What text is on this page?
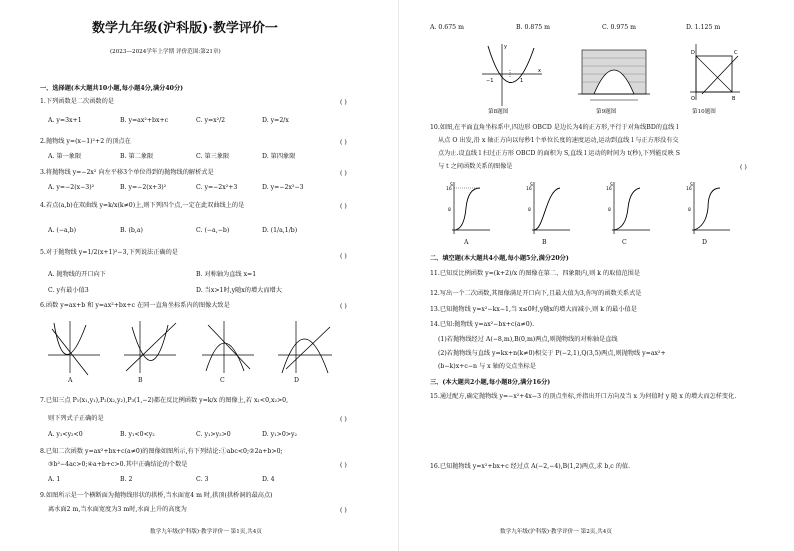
数学九年级(沪科版)·教学评价一
(2023—2024学年上学期 评价范围:第21章)
一、选择题(本大题共10小题,每小题4分,满分40分)
1.下列函数是二次函数的是	( )
A. y=3x+1	B. y=ax²+bx+c	C. y=x²/2	D. y=2/x
2.抛物线 y=(x−1)²+2 的顶点在	( )
A. 第一象限	B. 第二象限	C. 第三象限	D. 第四象限
3.将抛物线 y=−2x² 向左平移3个单位得到的抛物线的解析式是	( )
A. y=−2(x−3)²	B. y=−2(x+3)²	C. y=−2x²+3	D. y=−2x²−3
4.若点(a,b)在双曲线 y=k/x(k≠0)上,则下列四个点,一定在此双曲线上的是	( )
A. (−a,b)	B. (b,a)	C. (−a,−b)	D. (1/a,1/b)
5.对于抛物线 y=1/2(x+1)²−3,下列说法正确的是
( )
A. 抛物线的开口向下	B. 对称轴为直线 x=1
C. y有最小值3	D. 当x>1时,y随x的增大而增大
6.函数 y=ax+b 和 y=ax²+bx+c 在同一直角坐标系内的图像大致是	( )
A	B	C	D
7.已知三点 P₁(x₁,y₁),P₂(x₂,y₂),P₃(1,−2)都在反比例函数 y=k/x 的图像上,若 x₁<0,x₂>0,
则下列式子正确的是	( )
A. y₁<y₂<0	B. y₁<0<y₂	C. y₁>y₂>0	D. y₁>0>y₂
8.已知二次函数 y=ax²+bx+c(a≠0)的图像如图所示,有下列结论:①abc<0;②2a+b>0;
③b²−4ac>0;④a+b+c>0.其中正确结论的个数是	( )
A. 1	B. 2	C. 3	D. 4
9.如图所示是一个横断面为抛物线形状的拱桥,当水面宽4 m 时,拱顶(拱桥洞的最高点)
离水面2 m,当水面宽度为3 m时,水面上升的高度为	( )
数学九年级(沪科版)·教学评价一 第1页,共4页
A. 0.675 m	B. 0.875 m	C. 0.975 m	D. 1.125 m
−1	1
x
y
D	C
O	B
第8题图	第9题图	第10题图
10.如图,在平面直角坐标系中,四边形 OBCD 是边长为4的正方形,平行于对角线BD的直线 l
从点 O 出发,沿 x 轴正方向以每秒1个单位长度的速度运动,运动到直线 l 与正方形没有交
点为止.设直线 l 扫过正方形 OBCD 的面积为 S,直线 l 运动的时间为 t(秒),下列能反映 S
与 t 之间函数关系的图像是	( )
16
8
S
16
8
S
16
8
S
16
8
S
A	B	C	D
二、填空题(本大题共4小题,每小题5分,满分20分)
11.已知反比例函数 y=(k+2)/x 的图像在第二、四象限内,则 k 的取值范围是
12.写出一个二次函数,其图像满足开口向下,且最大值为3,你写的函数关系式是
13.已知抛物线 y=x²−kx−1,当 x≤0时,y随x的增大而减小,则 k 的最小值是
14.已知:抛物线 y=ax²−bx+c(a≠0).
(1)若抛物线经过 A(−8,m),B(0,m)两点,则抛物线的对称轴是直线
(2)若抛物线与直线 y=kx+n(k≠0)相交于 P(−2,1),Q(3,5)两点,则抛物线 y=ax²+
(b−k)x+c−n 与 x 轴的交点坐标是
三、(本大题共2小题,每小题8分,满分16分)
15.通过配方,确定抛物线 y=−x²+4x−3 的顶点坐标,并指出开口方向及当 x 为何值时 y 随 x 的增大而怎样变化.
16.已知抛物线 y=x²+bx+c 经过点 A(−2,−4),B(1,2)两点,求 b,c 的值.
数学九年级(沪科版)·教学评价一 第2页,共4页
